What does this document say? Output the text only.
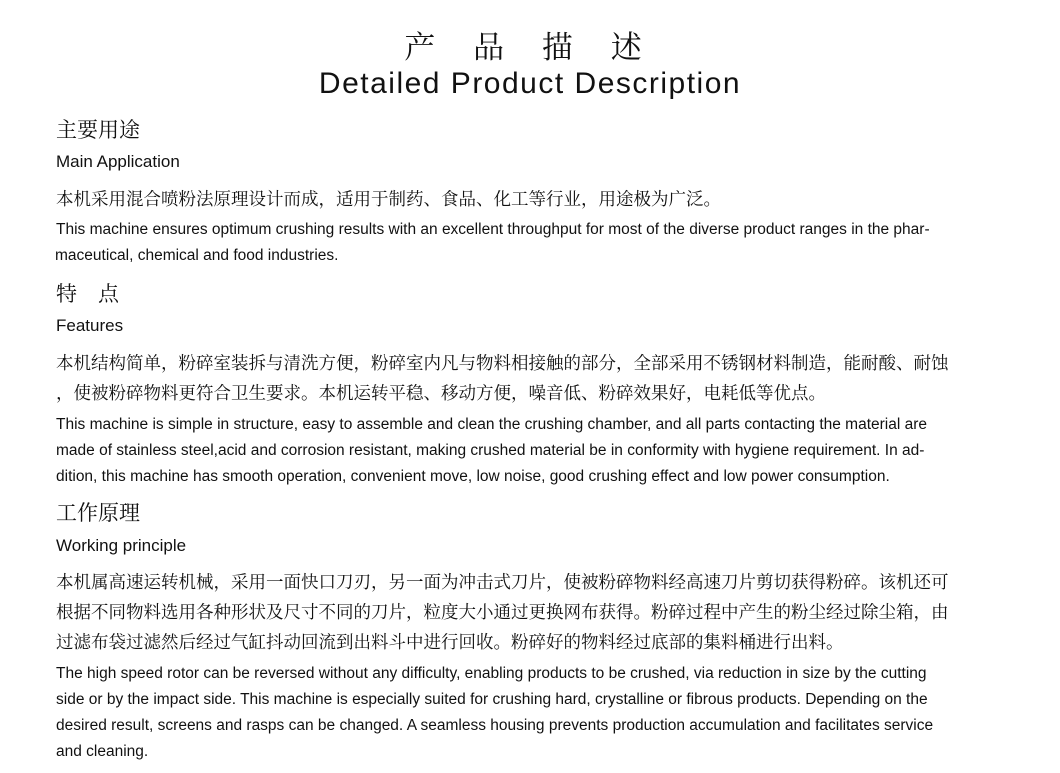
产 品 描 述
Detailed Product Description
主要用途
Main Application
本机采用混合喷粉法原理设计而成，适用于制药、食品、化工等行业，用途极为广泛。
This machine ensures optimum crushing results with an excellent throughput for most of the diverse product ranges in the phar-
maceutical, chemical and food industries.
特　点
Features
本机结构简单，粉碎室装拆与清洗方便，粉碎室内凡与物料相接触的部分，全部采用不锈钢材料制造，能耐酸、耐蚀
，使被粉碎物料更符合卫生要求。本机运转平稳、移动方便，噪音低、粉碎效果好，电耗低等优点。
This machine is simple in structure, easy to assemble and clean the crushing chamber, and all parts contacting the material are
made of stainless steel,acid and corrosion resistant, making crushed material be in conformity with hygiene requirement. In ad-
dition, this machine has smooth operation, convenient move, low noise, good crushing effect and low power consumption.
工作原理
Working principle
本机属高速运转机械，采用一面快口刀刃，另一面为冲击式刀片，使被粉碎物料经高速刀片剪切获得粉碎。该机还可
根据不同物料选用各种形状及尺寸不同的刀片，粒度大小通过更换网布获得。粉碎过程中产生的粉尘经过除尘箱，由
过滤布袋过滤然后经过气缸抖动回流到出料斗中进行回收。粉碎好的物料经过底部的集料桶进行出料。
The high speed rotor can be reversed without any difficulty, enabling products to be crushed, via reduction in size by the cutting
side or by the impact side. This machine is especially suited for crushing hard, crystalline or fibrous products. Depending on the
desired result, screens and rasps can be changed. A seamless housing prevents production accumulation and facilitates service
and cleaning.
